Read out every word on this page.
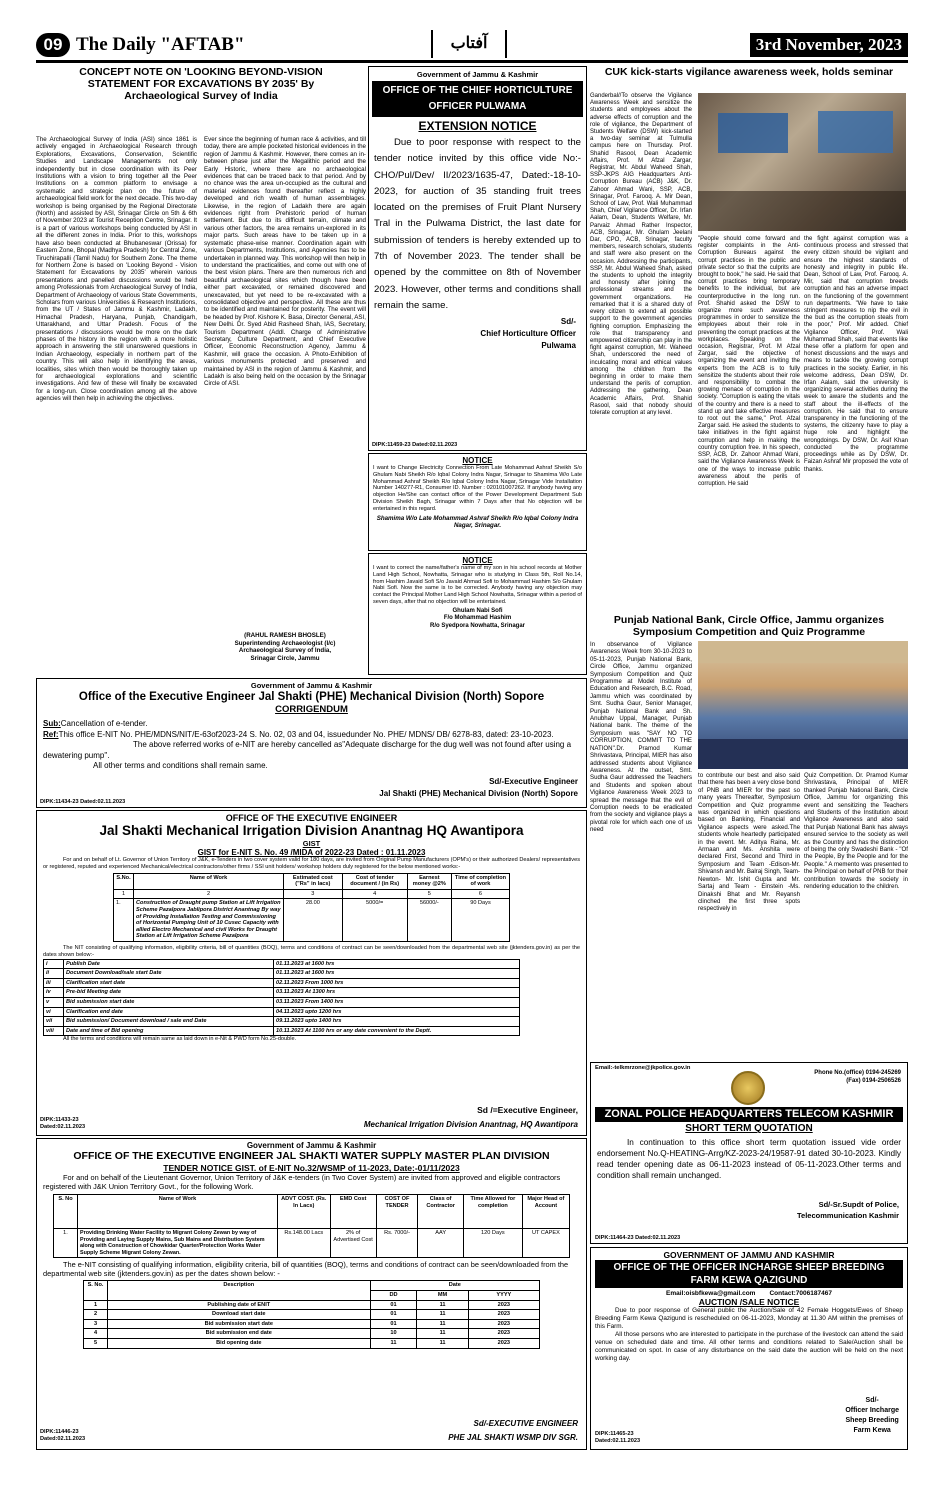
09 The Daily "AFTAB"	آفتاب	3rd November, 2023
CONCEPT NOTE ON 'LOOKING BEYOND-VISION STATEMENT FOR EXCAVATIONS BY 2035' By
Archaeological Survey of India
The Archaeological Survey of India (ASI) since 1861 is actively engaged in Archaeological Research through Explorations, Excavations, Conservation, Scientific Studies and Landscape Managements not only independently but in close coordination with its Peer Institutions with a vision to bring together all the Peer Institutions on a common platform to envisage a systematic and strategic plan on the future of archaeological field work for the next decade. This two-day workshop is being organised by the Regional Directorate (North) and assisted by ASI, Srinagar Circle on 5th & 6th of November 2023 at Tourist Reception Centre, Srinagar. It is a part of various workshops being conducted by ASI in all the different zones in India. Prior to this, workshops have also been conducted at Bhubaneswar (Orissa) for Eastern Zone, Bhopal (Madhya Pradesh) for Central Zone, Tiruchirapalli (Tamil Nadu) for Southern Zone. The theme for Northern Zone is based on 'Looking Beyond - Vision Statement for Excavations by 2035' wherein various presentations and panelled discussions would be held among Professionals from Archaeological Survey of India, Department of Archaeology of various State Governments, Scholars from various Universities & Research Institutions, from the UT / States of Jammu & Kashmir, Ladakh, Himachal Pradesh, Haryana, Punjab, Chandigarh, Uttarakhand, and Uttar Pradesh. Focus of the presentations / discussions would be more on the dark phases of the history in the region with a more holistic approach in answering the still unanswered questions in Indian Archaeology, especially in northern part of the country. This will also help in identifying the areas, localities, sites which then would be thoroughly taken up for archaeological explorations and scientific investigations. And few of these will finally be excavated for a long-run. Close coordination among all the above agencies will then help in achieving the objectives.
Ever since the beginning of human race & activities, and till today, there are ample pocketed historical evidences in the region of Jammu & Kashmir. However, there comes an in-between phase just after the Megalithic period and the Early Historic, where there are no archaeological evidences that can be traced back to that period. And by no chance was the area un-occupied as the cultural and material evidences found thereafter reflect a highly developed and rich wealth of human assemblages. Likewise, in the region of Ladakh there are again evidences right from Prehistoric period of human settlement. But due to its difficult terrain, climate and various other factors, the area remains un-explored in its major parts. Such areas have to be taken up in a systematic phase-wise manner. Coordination again with various Departments, Institutions, and Agencies has to be undertaken in planned way. This workshop will then help in to understand the practicalities, and come out with one of the best vision plans. There are then numerous rich and beautiful archaeological sites which though have been either part excavated, or remained discovered and unexcavated, but yet need to be re-excavated with a consolidated objective and perspective. All these are thus to be identified and maintained for posterity. The event will be headed by Prof. Kishore K. Basa, Director General, ASI, New Delhi. Dr. Syed Abid Rasheed Shah, IAS, Secretary, Tourism Department (Addl. Charge of Administrative Secretary, Culture Department, and Chief Executive Officer, Economic Reconstruction Agency, Jammu & Kashmir, will grace the occasion. A Photo-Exhibition of various monuments protected and preserved and maintained by ASI in the region of Jammu & Kashmir, and Ladakh is also being held on the occasion by the Srinagar Circle of ASI.
(RAHUL RAMESH BHOSLE)
Superintending Archaeologist (I/c)
Archaeological Survey of India,
Srinagar Circle, Jammu
Government of Jammu & Kashmir
OFFICE OF THE CHIEF HORTICULTURE OFFICER PULWAMA
EXTENSION NOTICE
Due to poor response with respect to the tender notice invited by this office vide No:- CHO/Pul/Dev/ II/2023/1635-47, Dated:-18-10-2023, for auction of 35 standing fruit trees located on the premises of Fruit Plant Nursery Tral in the Pulwama District, the last date for submission of tenders is hereby extended up to 7th of November 2023. The tender shall be opened by the committee on 8th of November 2023. However, other terms and conditions shall remain the same.
Sd/-
Chief Horticulture Officer
Pulwama
DIPK:11459-23 Dated:02.11.2023
NOTICE
I want to Change Electricity Connection From Late Mohammad Ashraf Sheikh S/o Ghulam Nabi Sheikh R/o Iqbal Colony Indra Nagar, Srinagar to Shamima W/o Late Mohammad Ashraf Sheikh R/o Iqbal Colony Indra Nagar, Srinagar Vide Installation Number 140277-R1, Consumer ID. Number : 020101007262. If anybody having any objection He/She can contact office of the Power Development Department Sub Division Sheikh Bagh, Srinagar within 7 Days after that No objection will be entertained in this regard.
Shamima W/o Late Mohammad Ashraf Sheikh R/o Iqbal Colony Indra Nagar, Srinagar.
NOTICE
I want to correct the name/father's name of my son in his school records at Mother Land High School, Nowhatta, Srinagar who is studying in Class 5th, Roll No.14, from Hashim Javaid Sofi S/o Javaid Ahmad Sofi to Mohammad Hashim S/o Ghulam Nabi Sofi. Now the same is to be corrected. Anybody having any objection may contact the Principal Mother Land High School Nowhatta, Srinagar within a period of seven days, after that no objection will be entertained.
Ghulam Nabi Sofi
F/o Mohammad Hashim
R/o Syedpora Nowhatta, Srinagar
CUK kick-starts vigilance awareness week, holds seminar
Ganderbal//To observe the Vigilance Awareness Week and sensitize the students and employees about the adverse effects of corruption and the role of vigilance, the Department of Students Welfare (DSW) kick-started a two-day seminar at Tulmulla campus here on Thursday. Prof. Shahid Rasool, Dean Academic Affairs, Prof. M Afzal Zargar, Registrar, Mr. Abdul Waheed Shah, SSP-JKPS AIG Headquarters Anti-Corruption Bureau (ACB) J&K, Dr. Zahoor Ahmad Wani, SSP, ACB, Srinagar, Prof. Farooq. A. Mir Dean, School of Law, Prof. Wali Muhammad Shah, Chief Vigilance Officer, Dr. Irfan Aalam, Dean, Students Welfare, Mr. Parvaiz Ahmad Rather Inspector, ACB, Srinagar, Mr. Ghulam Jeelani Dar, CPO, ACB, Srinagar, faculty members, research scholars, students and staff were also present on the occasion. Addressing the participants, SSP, Mr. Abdul Waheed Shah, asked the students to uphold the integrity and honesty after joining the professional streams and the government organizations. He remarked that it is a shared duty of every citizen to extend all possible support to the government agencies fighting corruption. Emphasizing the role that transparency and empowered citizenship can play in the fight against corruption, Mr. Waheed Shah, underscored the need of inculcating moral and ethical values among the children from the beginning in order to make them understand the perils of corruption. Addressing the gathering, Dean Academic Affairs, Prof. Shahid Rasool, said that nobody should tolerate corruption at any level.
"People should come forward and register complaints in the Anti-Corruption Bureaus against the corrupt practices in the public and private sector so that the culprits are brought to book," he said. He said that corrupt practices bring temporary benefits to the individual, but are counterproductive in the long run. Prof. Shahid asked the DSW to organize more such awareness programmes in order to sensitize the employees about their role in preventing the corrupt practices at the workplaces. Speaking on the occasion, Registrar, Prof. M Afzal Zargar, said the objective of organizing the event and inviting the experts from the ACB is to fully sensitize the students about their role and responsibility to combat the growing menace of corruption in the society. "Corruption is eating the vitals of the country and there is a need to stand up and take effective measures to root out the same," Prof. Afzal Zargar said. He asked the students to take initiatives in the fight against corruption and help in making the country corruption free. In his speech, SSP, ACB, Dr. Zahoor Ahmad Wani, said the Vigilance Awareness Week is one of the ways to increase public awareness about the perils of corruption. He said
the fight against corruption was a continuous process and stressed that every citizen should be vigilant and ensure the highest standards of honesty and integrity in public life. Dean, School of Law, Prof. Farooq. A. Mir, said that corruption breeds corruption and has an adverse impact on the functioning of the government run departments. "We have to take stringent measures to nip the evil in the bud as the corruption steals from the poor," Prof. Mir added. Chief Vigilance Officer, Prof. Wali Muhammad Shah, said that events like these offer a platform for open and honest discussions and the ways and means to tackle the growing corrupt practices in the society. Earlier, in his welcome address, Dean DSW, Dr. Irfan Aalam, said the university is organizing several activities during the week to aware the students and the staff about the ill-effects of the corruption. He said that to ensure transparency in the functioning of the systems, the citizenry have to play a huge role and highlight the wrongdoings. Dy DSW, Dr. Asif Khan conducted the programme proceedings while as Dy DSW, Dr. Faizan Ashraf Mir proposed the vote of thanks.
Punjab National Bank, Circle Office, Jammu organizes Symposium Competition and Quiz Programme
In observance of Vigilance Awareness Week from 30-10-2023 to 05-11-2023, Punjab National Bank, Circle Office, Jammu organized Symposium Competition and Quiz Programme at Model Institute of Education and Research, B.C. Road, Jammu which was coordinated by Smt. Sudha Gaur, Senior Manager, Punjab National Bank and Sh. Anubhav Uppal, Manager, Punjab National bank. The theme of the Symposium was "SAY NO TO CORRUPTION, COMMIT TO THE NATION".Dr. Pramod Kumar Shrivastava, Principal, MIER has also addressed students about Vigilance Awareness. At the outset, Smt. Sudha Gaur addressed the Teachers and Students and spoken about Vigilance Awareness Week 2023 to spread the message that the evil of Corruption needs to be eradicated from the society and vigilance plays a pivotal role for which each one of us need
to contribute our best and also said that there has been a very close bond of PNB and MIER for the past so many years Thereafter, Symposium Competition and Quiz programme was organized in which questions based on Banking, Financial and Vigilance aspects were asked.The students whole heartedly participated in the event. Mr. Aditya Raina, Mr. Armaan and Ms. Anshita were declared First, Second and Third in Symposium and Team -Edison-Mr. Shivansh and Mr. Balraj Singh, Team-Newton- Mr. Ishit Gupta and Mr. Sartaj and Team - Einstein -Ms. Dinakshi Bhat and Mr. Reyansh clinched the first three spots respectively in
Quiz Competition. Dr. Pramod Kumar Shrivastava, Principal of MIER thanked Punjab National Bank, Circle Office, Jammu for organizing this event and sensitizing the Teachers and Students of the Institution about Vigilance Awareness and also said that Punjab National Bank has always ensured service to the society as well as the Country and has the distinction of being the only Swadeshi Bank - "Of the People, By the People and for the People." A memento was presented to the Principal on behalf of PNB for their contribution towards the society in rendering education to the children.
Government of Jammu & Kashmir
Office of the Executive Engineer Jal Shakti (PHE) Mechanical Division (North) Sopore
CORRIGENDUM
Sub:Cancellation of e-tender.
Ref:This office E-NIT No. PHE/MDNS/NIT/E-63of2023-24 S. No. 02, 03 and 04, issuedunder No. PHE/ MDNS/ DB/ 6278-83, dated: 23-10-2023.
The above referred works of e-NIT are hereby cancelled as"Adequate discharge for the dug well was not found after using a dewatering pump".
All other terms and conditions shall remain same.
Sd/-Executive Engineer
Jal Shakti (PHE) Mechanical Division (North) Sopore
DIPK:11434-23 Dated:02.11.2023
OFFICE OF THE EXECUTIVE ENGINEER
Jal Shakti Mechanical Irrigation Division Anantnag HQ Awantipora
GIST
GIST for E-NIT S. No. 49 /MIDA of 2022-23 Dated : 01.11.2023
For and on behalf of Lt. Governor of Union Territory of J&K, e-Tenders in two cover system valid for 180 days, are invited from Original Pump Manufacturers (OPM's) or their authorized Dealers/ representatives or registered, reputed and experienced Mechanical/electrical contractors/other firms / SSI unit holders/ workshop holders duly registered for the below mentioned works:-
S.No.	Name of Work	Estimated cost ("Rs" in lacs)	Cost of tender document / (in Rs)	Earnest money @2%	Time of completion of work
1	2	3	4	5	6
1.	Construction of Draught pump Station at Lift Irrigation Scheme Pazalpora Jablipora District Anantnag By way of Providing Installation Testing and Commissioning of Horizontal Pumping Unit of 10 Cusec Capacity with allied Electro Mechanical and civil Works for Draught Station at Lift Irrigation Scheme Pazalpora	28.00	5000/=	56000/-	90 Days
The NIT consisting of qualifying information, eligibility criteria, bill of quantities (BOQ), terms and conditions of contract can be seen/downloaded from the departmental web site (jktenders.gov.in) as per the dates shown below:-
i	Publish Date	01.11.2023 at 1600 hrs
ii	Document Download/sale start Date	01.11.2023 at 1600 hrs
iii	Clarification start date	02.11.2023 From 1000 hrs
iv	Pre-bid Meeting date	03.11.2023 At 1300 hrs
v	Bid submission start date	03.11.2023 From 1400 hrs
vi	Clarification end date	04.11.2023 upto 1200 hrs
vii	Bid submission/ Document download / sale end Date	09.11.2023 upto 1400 hrs
viii	Date and time of Bid opening	10.11.2023 At 1100 hrs or any date convenient to the Deptt.
All the terms and conditions will remain same as laid down in e-Nit & PWD form No.25-double.
Sd /=Executive Engineer,
Mechanical Irrigation Division Anantnag, HQ Awantipora
DIPK:11433-23 Dated:02.11.2023
Government of Jammu & Kashmir
OFFICE OF THE EXECUTIVE ENGINEER JAL SHAKTI WATER SUPPLY MASTER PLAN DIVISION
TENDER NOTICE GIST. of E-NIT No.32/WSMP of 11-2023, Date:-01/11/2023
For and on behalf of the Lieutenant Governor, Union Territory of J&K e-tenders (in Two Cover System) are invited from approved and eligible contractors registered with J&K Union Territory Govt., for the following Work.
S. No	Name of Work	ADVT COST. (Rs. In Lacs)	EMD Cost	COST OF TENDER	Class of Contractor	Time Allowed for completion	Major Head of Account
1.	Providing Drinking Water Facility to Migrant Colony Zewan by way of Providing and Laying Supply Mains, Sub Mains and Distribution System along with Construction of Chowkidar Quarter/Protection Works Water Supply Scheme Migrant Colony Zewan.	Rs.148.00 Lacs	2% of Advertised Cost	Rs. 7000/-	AAY	120 Days	UT CAPEX
The e-NIT consisting of qualifying information, eligibility criteria, bill of quantities (BOQ), terms and conditions of contract can be seen/downloaded from the departmental web site (jktenders.gov.in) as per the dates shown below: -
S. No.	Description	Date		
		DD	MM	YYYY
1	Publishing date of ENIT	01	11	2023
2	Download start date	01	11	2023
3	Bid submission start date	01	11	2023
4	Bid submission end date	10	11	2023
5	Bid opening date	11	11	2023
Sd/-EXECUTIVE ENGINEER
PHE JAL SHAKTI WSMP DIV SGR.
DIPK:11446-23 Dated:02.11.2023
Email:-telkmrzone@jkpolice.gov.in
Phone No.(office) 0194-245269
(Fax) 0194-2506526
ZONAL POLICE HEADQUARTERS TELECOM KASHMIR
SHORT TERM QUOTATION
In continuation to this office short term quotation issued vide order endorsement No.Q-HEATING-Arrg/KZ-2023-24/19587-91 dated 30-10-2023. Kindly read tender opening date as 06-11-2023 instead of 05-11-2023.Other terms and condition shall remain unchanged.
Sd/-Sr.Supdt of Police,
Telecommunication Kashmir
DIPK:11464-23 Dated:02.11.2023
GOVERNMENT OF JAMMU AND KASHMIR
OFFICE OF THE OFFICER INCHARGE SHEEP BREEDING FARM KEWA QAZIGUND
Email:oisbfkewa@gmail.com Contact:7006187467
AUCTION /SALE NOTICE
Due to poor response of General public the Auction/Sale of 42 Female Hoggets/Ewes of Sheep Breeding Farm Kewa Qazigund is rescheduled on 06-11-2023, Monday at 11.30 AM within the premises of this Farm.
All those persons who are interested to participate in the purchase of the livestock can attend the said venue on scheduled date and time. All other terms and conditions related to Sale/Auction shall be communicated on spot. In case of any disturbance on the said date the auction will be held on the next working day.
Sd/-
Officer Incharge
Sheep Breeding
Farm Kewa
DIPK:11465-23 Dated:02.11.2023
